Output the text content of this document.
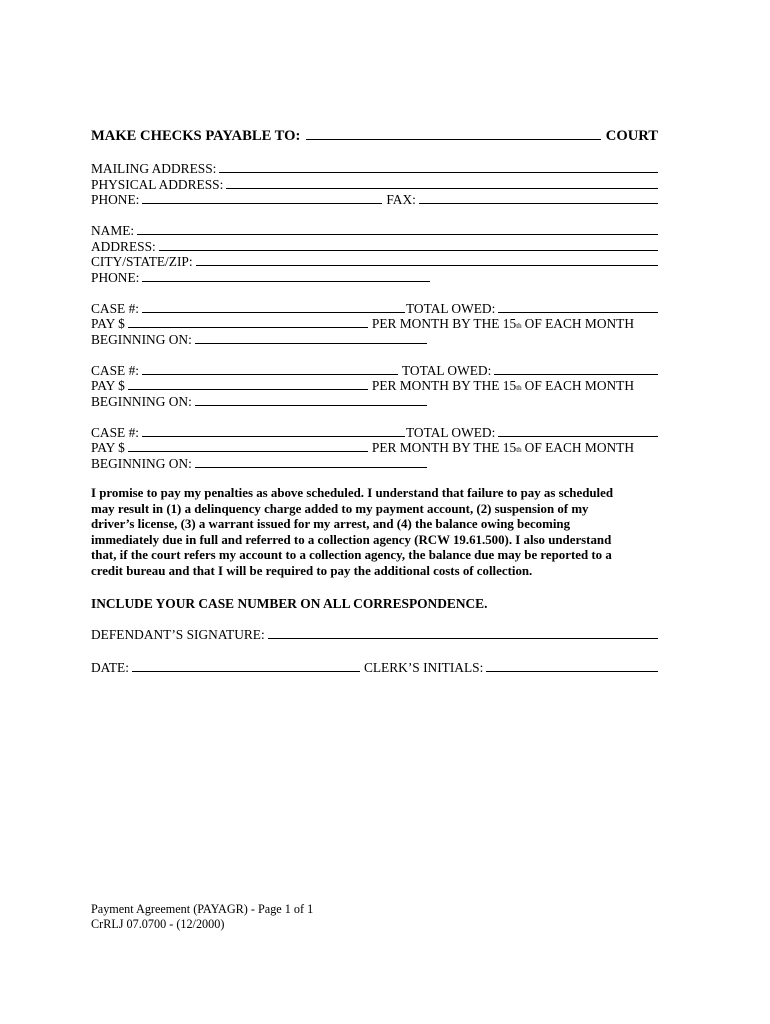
MAKE CHECKS PAYABLE TO:	COURT
MAILING ADDRESS:
PHYSICAL ADDRESS:
PHONE:	FAX:
NAME:
ADDRESS:
CITY/STATE/ZIP:
PHONE:
CASE #:	TOTAL OWED:
PAY $	PER MONTH BY THE 15 th OF EACH MONTH
BEGINNING ON:
CASE #:	TOTAL OWED:
PAY $	PER MONTH BY THE 15 th OF EACH MONTH
BEGINNING ON:
CASE #:	TOTAL OWED:
PAY $	PER MONTH BY THE 15 th OF EACH MONTH
BEGINNING ON:
I promise to pay my penalties as above scheduled. I understand that failure to pay as scheduled
may result in (1) a delinquency charge added to my payment account, (2) suspension of my
driver’s license, (3) a warrant issued for my arrest, and (4) the balance owing becoming
immediately due in full and referred to a collection agency (RCW 19.61.500). I also understand
that, if the court refers my account to a collection agency, the balance due may be reported to a
credit bureau and that I will be required to pay the additional costs of collection.
INCLUDE YOUR CASE NUMBER ON ALL CORRESPONDENCE.
DEFENDANT’S SIGNATURE:
DATE:	CLERK’S INITIALS:
Payment Agreement (PAYAGR) - Page 1 of 1
CrRLJ 07.0700 - (12/2000)
